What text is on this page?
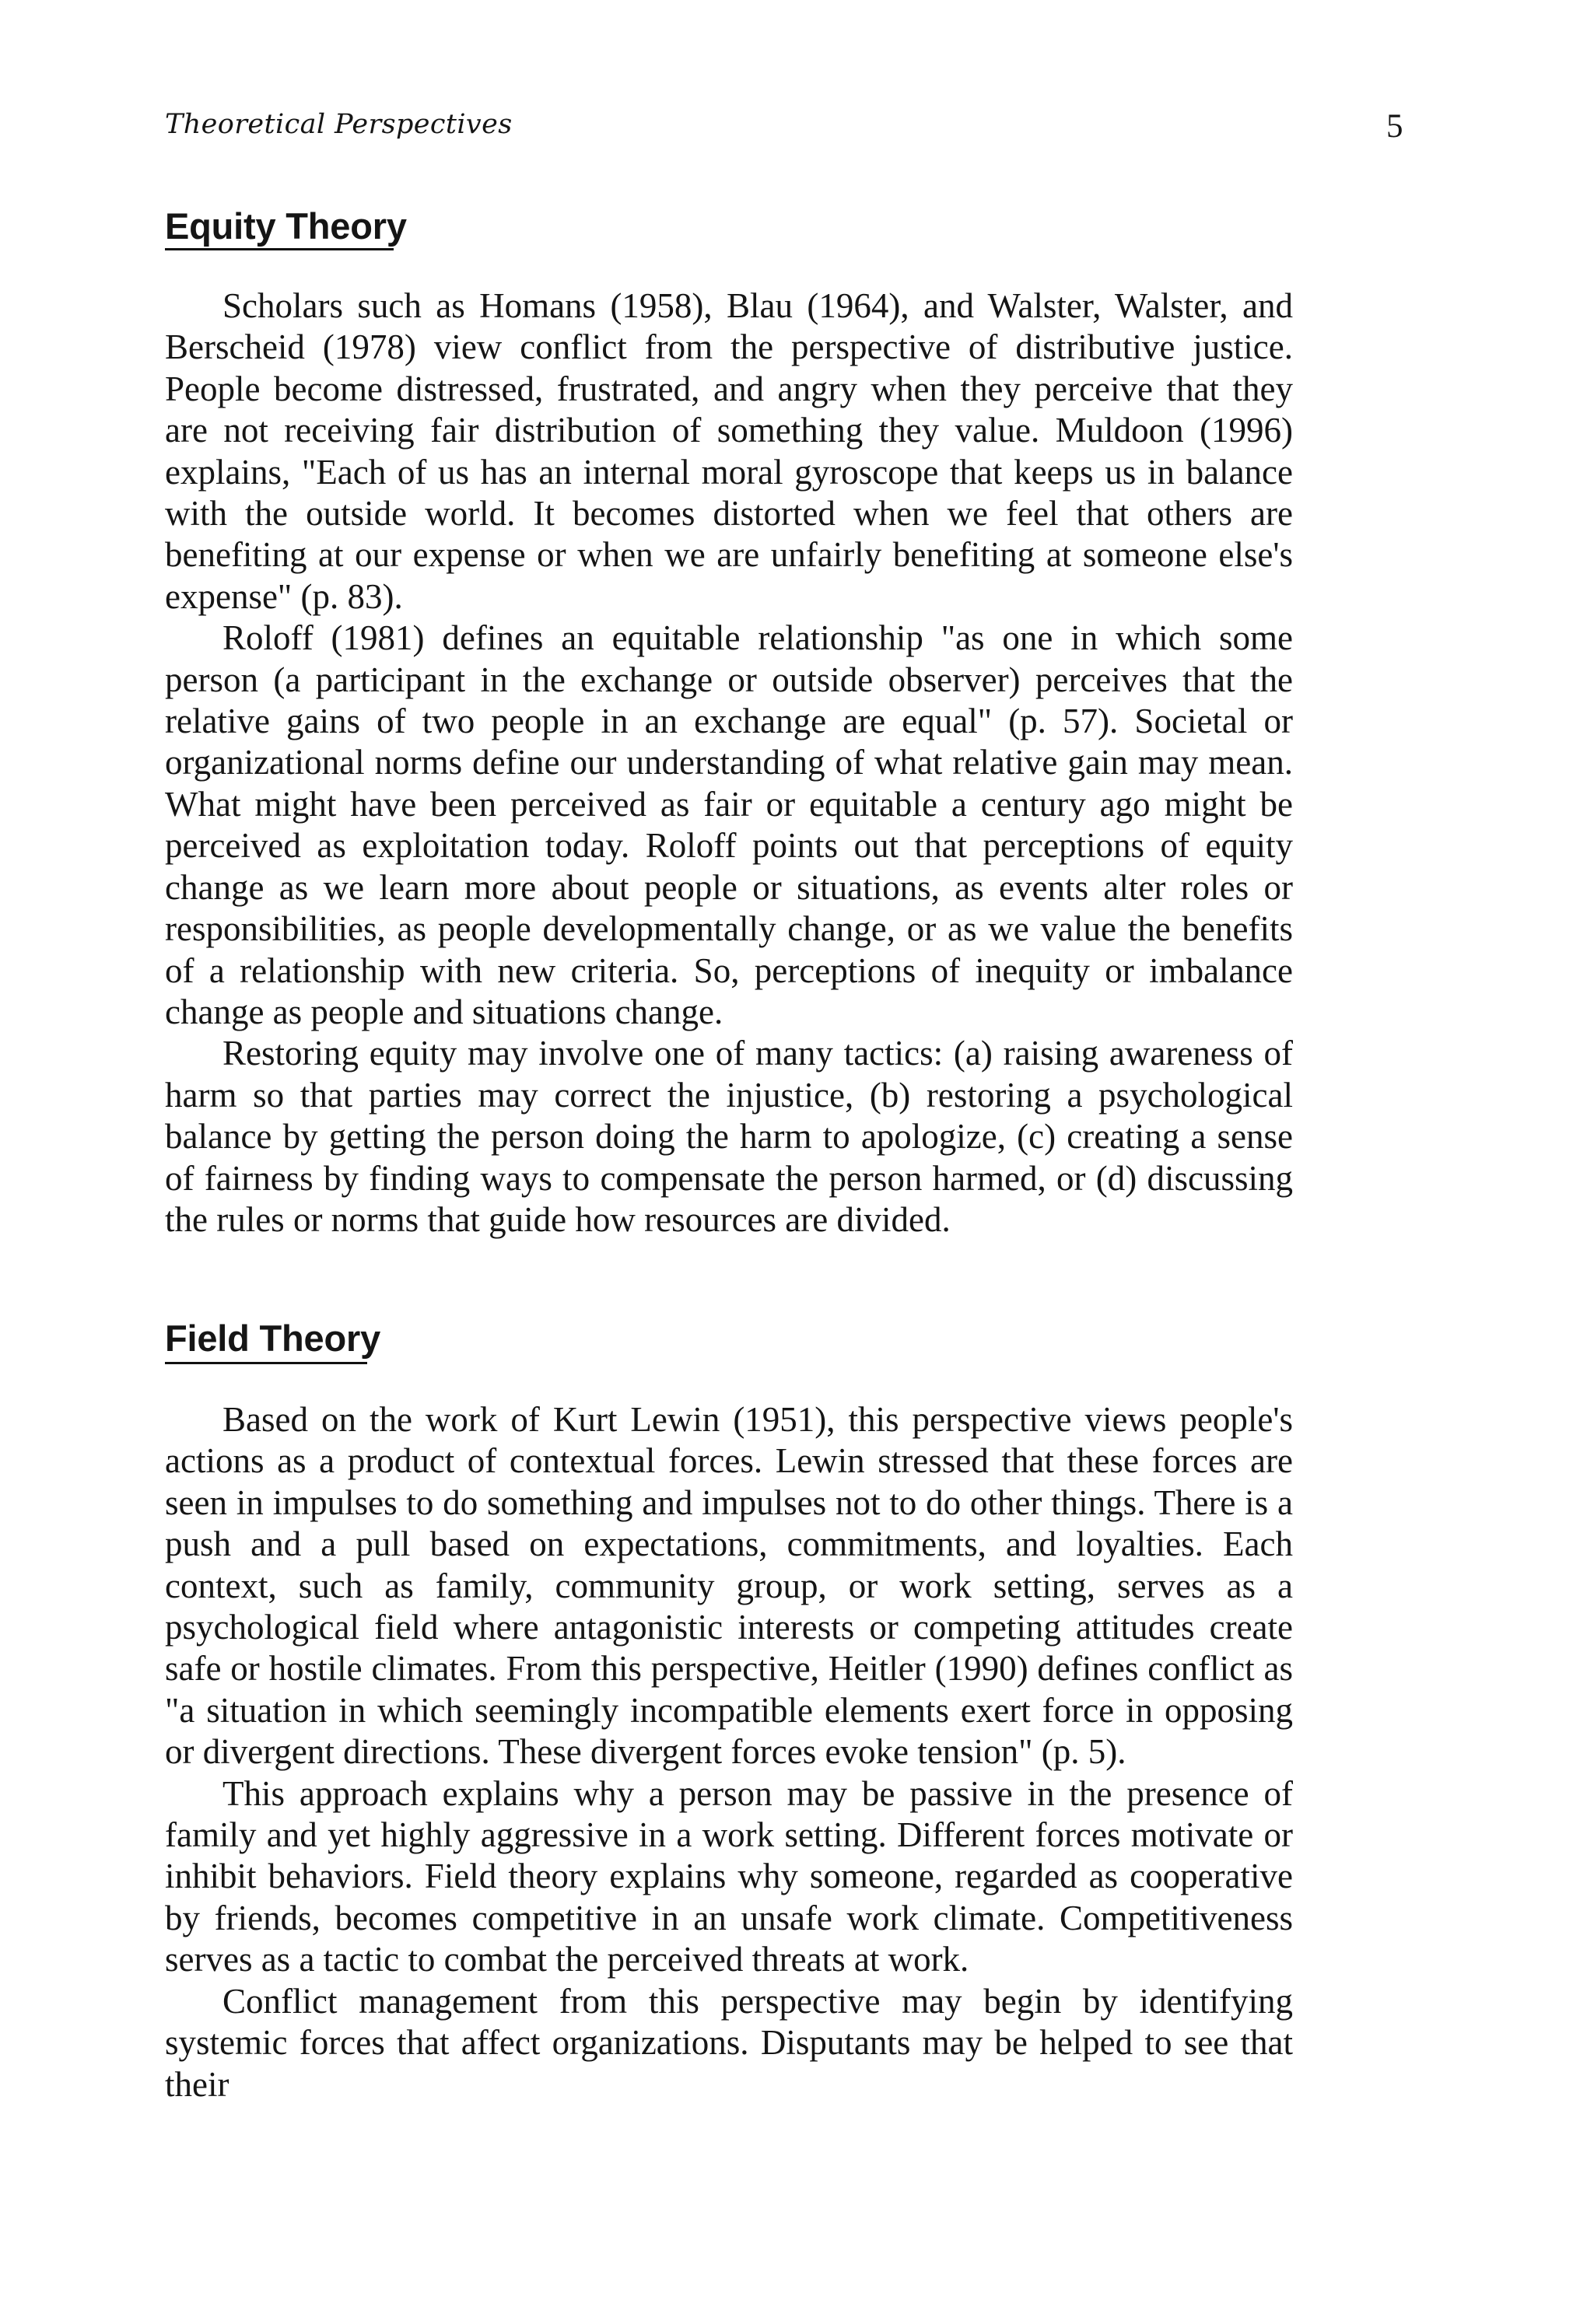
Theoretical Perspectives	5
Equity Theory

Scholars such as Homans (1958), Blau (1964), and Walster, Walster, and Berscheid (1978) view conflict from the perspective of distributive justice. People become distressed, frustrated, and angry when they perceive that they are not receiving fair distribution of something they value. Muldoon (1996) explains, "Each of us has an internal moral gyroscope that keeps us in balance with the outside world. It becomes distorted when we feel that others are benefiting at our expense or when we are unfairly benefiting at someone else's expense" (p. 83).

Roloff (1981) defines an equitable relationship "as one in which some person (a participant in the exchange or outside observer) perceives that the relative gains of two people in an exchange are equal" (p. 57). Societal or organizational norms define our understanding of what relative gain may mean. What might have been perceived as fair or equitable a century ago might be perceived as exploitation today. Roloff points out that perceptions of equity change as we learn more about people or situations, as events alter roles or responsibilities, as people developmentally change, or as we value the benefits of a relationship with new criteria. So, perceptions of inequity or imbalance change as people and situations change.

Restoring equity may involve one of many tactics: (a) raising awareness of harm so that parties may correct the injustice, (b) restoring a psychological balance by getting the person doing the harm to apologize, (c) creating a sense of fairness by finding ways to compensate the person harmed, or (d) discussing the rules or norms that guide how resources are divided.

Field Theory

Based on the work of Kurt Lewin (1951), this perspective views people's actions as a product of contextual forces. Lewin stressed that these forces are seen in impulses to do something and impulses not to do other things. There is a push and a pull based on expectations, commitments, and loyalties. Each context, such as family, community group, or work setting, serves as a psychological field where antagonistic interests or competing attitudes create safe or hostile climates. From this perspective, Heitler (1990) defines conflict as "a situation in which seemingly incompatible elements exert force in opposing or divergent directions. These divergent forces evoke tension" (p. 5).

This approach explains why a person may be passive in the presence of family and yet highly aggressive in a work setting. Different forces motivate or inhibit behaviors. Field theory explains why someone, regarded as cooperative by friends, becomes competitive in an unsafe work climate. Competitiveness serves as a tactic to combat the perceived threats at work.

Conflict management from this perspective may begin by identifying systemic forces that affect organizations. Disputants may be helped to see that their
